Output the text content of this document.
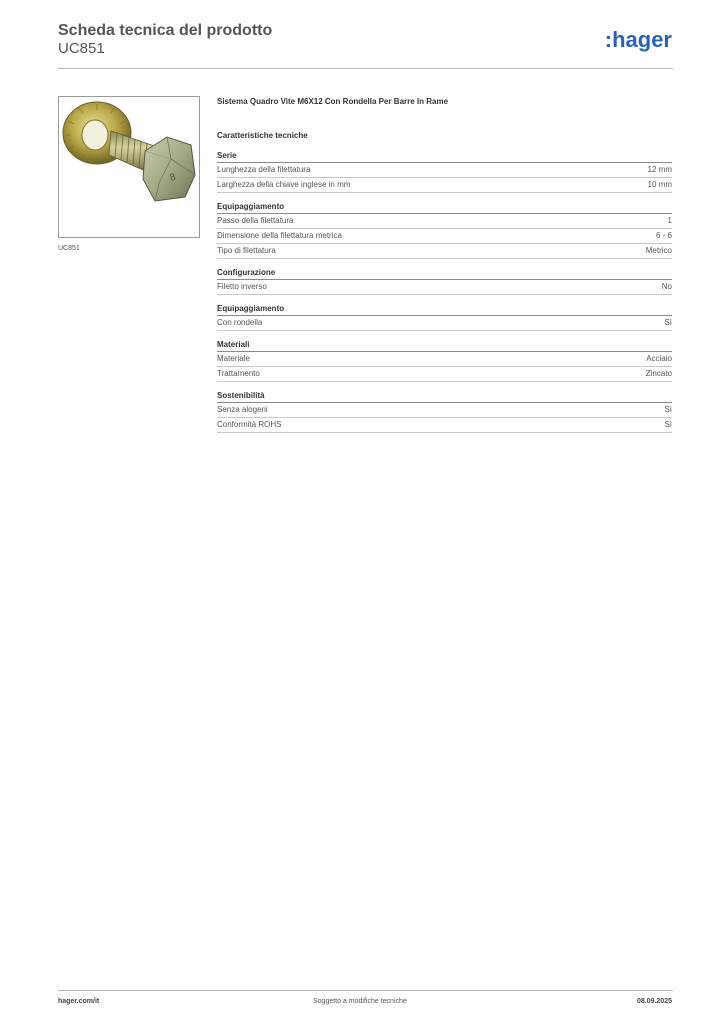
Scheda tecnica del prodotto
UC851	:hager
8
UC851
Sistema Quadro Vite M6X12 Con Rondella Per Barre In Rame
Caratteristiche tecniche
Serie
Lunghezza della filettatura	12 mm
Larghezza della chiave inglese in mm	10 mm
Equipaggiamento
Passo della filettatura	1
Dimensione della filettatura metrica	6 - 6
Tipo di filettatura	Metrico
Configurazione
Filetto inverso	No
Equipaggiamento
Con rondella	Sì
Materiali
Materiale	Acciaio
Trattamento	Zincato
Sostenibilità
Senza alogeni	Sì
Conformità ROHS	Sì
hager.com/it	Soggetto a modifiche tecniche	08.09.2025
